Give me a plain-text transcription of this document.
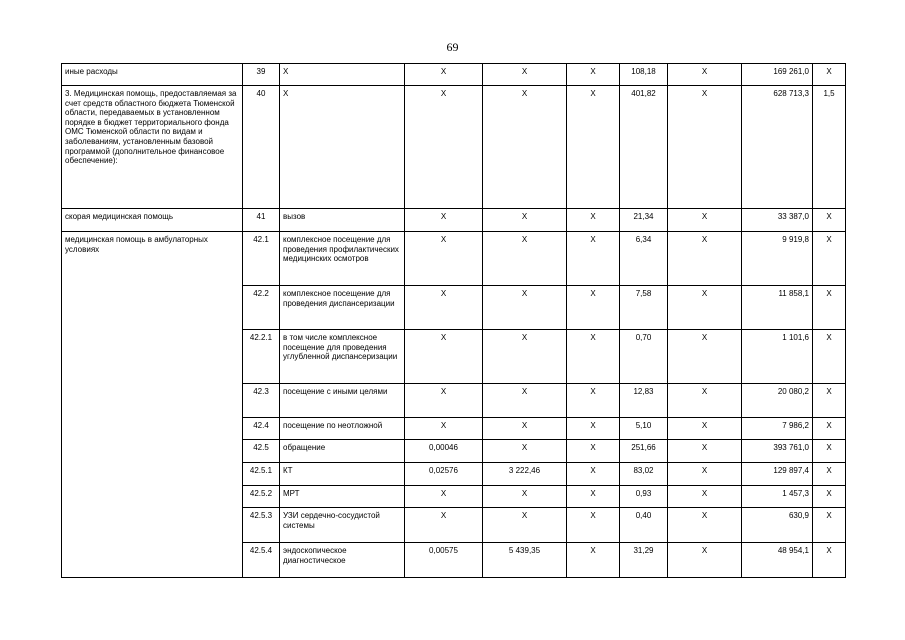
69
иные расходы	39	Х	Х	Х	Х	108,18	Х	169 261,0	Х
3. Медицинская помощь, предоставляемая за счет средств областного бюджета Тюменской области, передаваемых в установленном порядке в бюджет территориального фонда ОМС Тюменской области по видам и заболеваниям, установленным базовой программой (дополнительное финансовое обеспечение):	40	Х	Х	Х	Х	401,82	Х	628 713,3	1,5
скорая медицинская помощь	41	вызов	Х	Х	Х	21,34	Х	33 387,0	Х
медицинская помощь в амбулаторных условиях	42.1	комплексное посещение для проведения профилактических медицинских осмотров	Х	Х	Х	6,34	Х	9 919,8	Х
	42.2	комплексное посещение для проведения диспансеризации	Х	Х	Х	7,58	Х	11 858,1	Х
	42.2.1	в том числе комплексное посещение для проведения углубленной диспансеризации	Х	Х	Х	0,70	Х	1 101,6	Х
	42.3	посещение с иными целями	Х	Х	Х	12,83	Х	20 080,2	Х
	42.4	посещение по неотложной	Х	Х	Х	5,10	Х	7 986,2	Х
	42.5	обращение	0,00046	Х	Х	251,66	Х	393 761,0	Х
	42.5.1	КТ	0,02576	3 222,46	Х	83,02	Х	129 897,4	Х
	42.5.2	МРТ	Х	Х	Х	0,93	Х	1 457,3	Х
	42.5.3	УЗИ сердечно-сосудистой системы	Х	Х	Х	0,40	Х	630,9	Х
	42.5.4	эндоскопическое диагностическое	0,00575	5 439,35	Х	31,29	Х	48 954,1	Х
